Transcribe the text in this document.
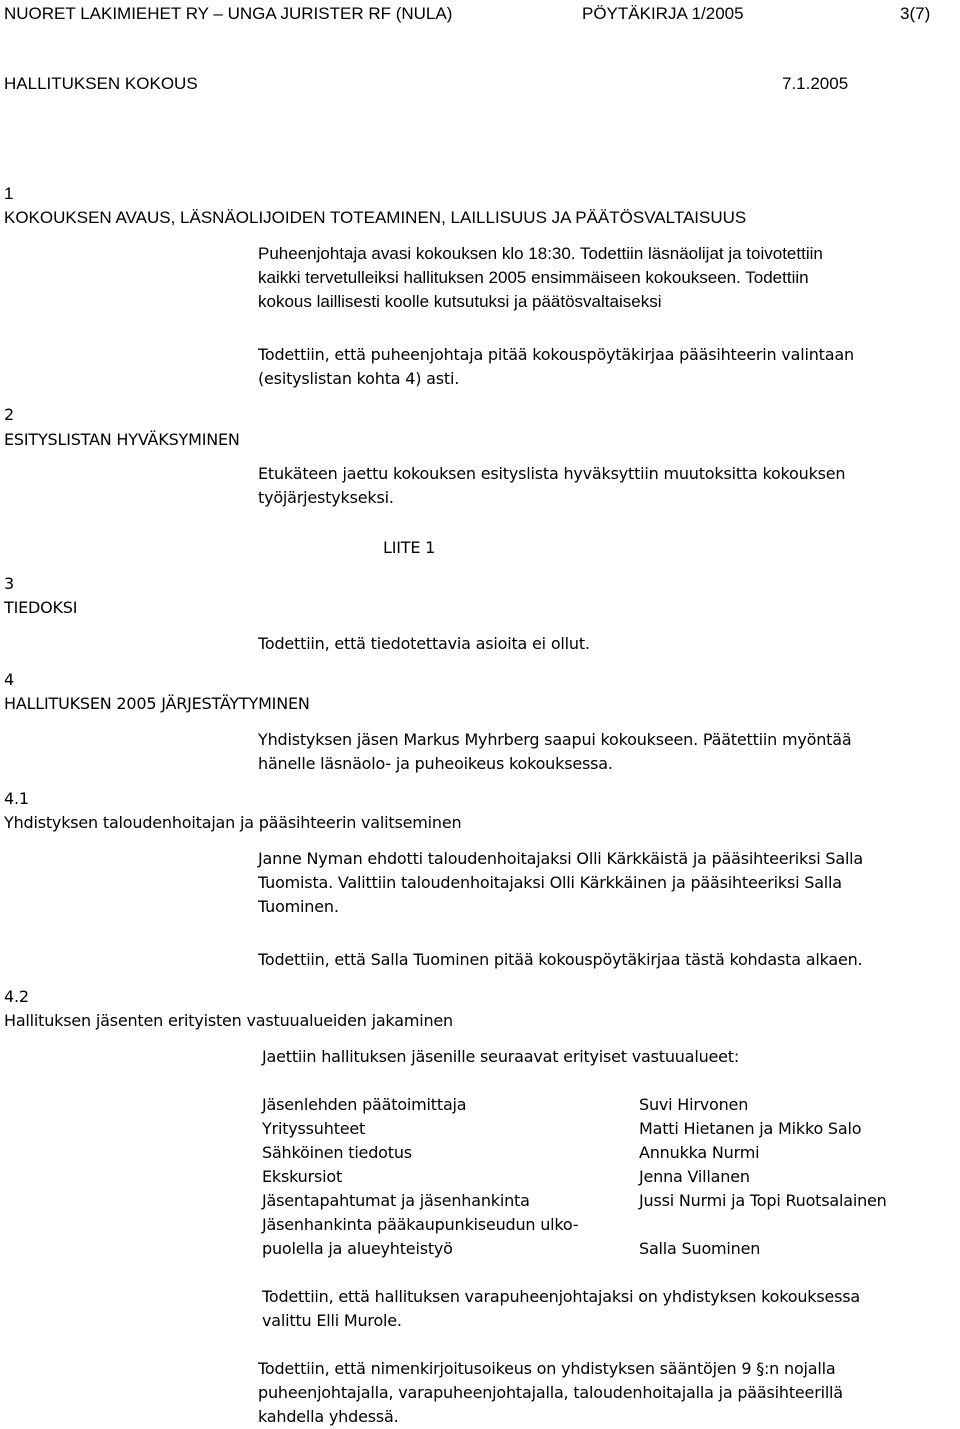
NUORET LAKIMIEHET RY – UNGA JURISTER RF (NULA)	PÖYTÄKIRJA 1/2005	3(7)
HALLITUKSEN KOKOUS	7.1.2005
1
KOKOUKSEN AVAUS, LÄSNÄOLIJOIDEN TOTEAMINEN, LAILLISUUS JA PÄÄTÖSVALTAISUUS
Puheenjohtaja avasi kokouksen klo 18:30. Todettiin läsnäolijat ja toivotettiin
kaikki tervetulleiksi hallituksen 2005 ensimmäiseen kokoukseen. Todettiin
kokous laillisesti koolle kutsutuksi ja päätösvaltaiseksi
Todettiin, että puheenjohtaja pitää kokouspöytäkirjaa pääsihteerin valintaan
(esityslistan kohta 4) asti.
2
ESITYSLISTAN HYVÄKSYMINEN
Etukäteen jaettu kokouksen esityslista hyväksyttiin muutoksitta kokouksen
työjärjestykseksi.
LIITE 1
3
TIEDOKSI
Todettiin, että tiedotettavia asioita ei ollut.
4
HALLITUKSEN 2005 JÄRJESTÄYTYMINEN
Yhdistyksen jäsen Markus Myhrberg saapui kokoukseen. Päätettiin myöntää
hänelle läsnäolo- ja puheoikeus kokouksessa.
4.1
Yhdistyksen taloudenhoitajan ja pääsihteerin valitseminen
Janne Nyman ehdotti taloudenhoitajaksi Olli Kärkkäistä ja pääsihteeriksi Salla
Tuomista. Valittiin taloudenhoitajaksi Olli Kärkkäinen ja pääsihteeriksi Salla
Tuominen.
Todettiin, että Salla Tuominen pitää kokouspöytäkirjaa tästä kohdasta alkaen.
4.2
Hallituksen jäsenten erityisten vastuualueiden jakaminen
Jaettiin hallituksen jäsenille seuraavat erityiset vastuualueet:
Jäsenlehden päätoimittaja	Suvi Hirvonen
Yrityssuhteet	Matti Hietanen ja Mikko Salo
Sähköinen tiedotus	Annukka Nurmi
Ekskursiot	Jenna Villanen
Jäsentapahtumat ja jäsenhankinta	Jussi Nurmi ja Topi Ruotsalainen
Jäsenhankinta pääkaupunkiseudun ulko-
puolella ja alueyhteistyö	Salla Suominen
Todettiin, että hallituksen varapuheenjohtajaksi on yhdistyksen kokouksessa
valittu Elli Murole.
Todettiin, että nimenkirjoitusoikeus on yhdistyksen sääntöjen 9 §:n nojalla
puheenjohtajalla, varapuheenjohtajalla, taloudenhoitajalla ja pääsihteerillä
kahdella yhdessä.
